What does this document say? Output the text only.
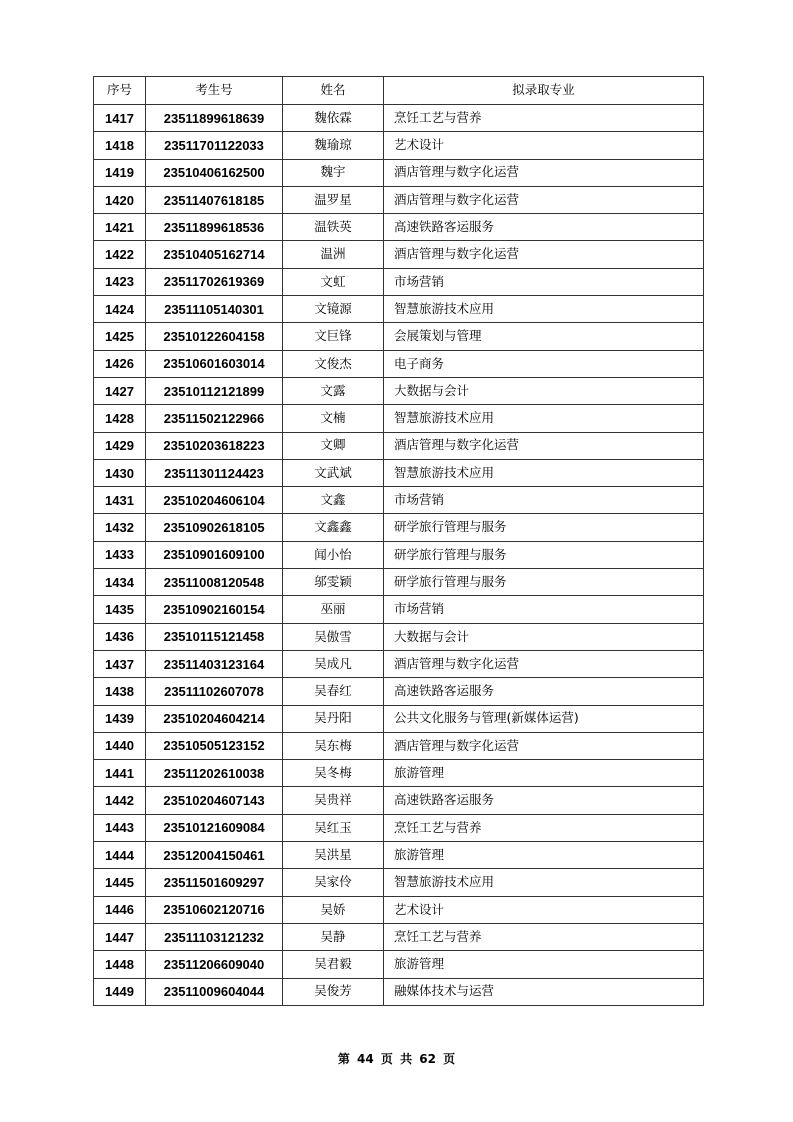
序号	考生号	姓名	拟录取专业
1417	23511899618639	魏依霖	烹饪工艺与营养
1418	23511701122033	魏瑜琼	艺术设计
1419	23510406162500	魏宇	酒店管理与数字化运营
1420	23511407618185	温罗星	酒店管理与数字化运营
1421	23511899618536	温铁英	高速铁路客运服务
1422	23510405162714	温洲	酒店管理与数字化运营
1423	23511702619369	文虹	市场营销
1424	23511105140301	文镜源	智慧旅游技术应用
1425	23510122604158	文巨锋	会展策划与管理
1426	23510601603014	文俊杰	电子商务
1427	23510112121899	文露	大数据与会计
1428	23511502122966	文楠	智慧旅游技术应用
1429	23510203618223	文卿	酒店管理与数字化运营
1430	23511301124423	文武斌	智慧旅游技术应用
1431	23510204606104	文鑫	市场营销
1432	23510902618105	文鑫鑫	研学旅行管理与服务
1433	23510901609100	闻小怡	研学旅行管理与服务
1434	23511008120548	邬雯颖	研学旅行管理与服务
1435	23510902160154	巫丽	市场营销
1436	23510115121458	吴傲雪	大数据与会计
1437	23511403123164	吴成凡	酒店管理与数字化运营
1438	23511102607078	吴春红	高速铁路客运服务
1439	23510204604214	吴丹阳	公共文化服务与管理(新媒体运营)
1440	23510505123152	吴东梅	酒店管理与数字化运营
1441	23511202610038	吴冬梅	旅游管理
1442	23510204607143	吴贵祥	高速铁路客运服务
1443	23510121609084	吴红玉	烹饪工艺与营养
1444	23512004150461	吴洪星	旅游管理
1445	23511501609297	吴家伶	智慧旅游技术应用
1446	23510602120716	吴娇	艺术设计
1447	23511103121232	吴静	烹饪工艺与营养
1448	23511206609040	吴君毅	旅游管理
1449	23511009604044	吴俊芳	融媒体技术与运营
第 44 页 共 62 页
